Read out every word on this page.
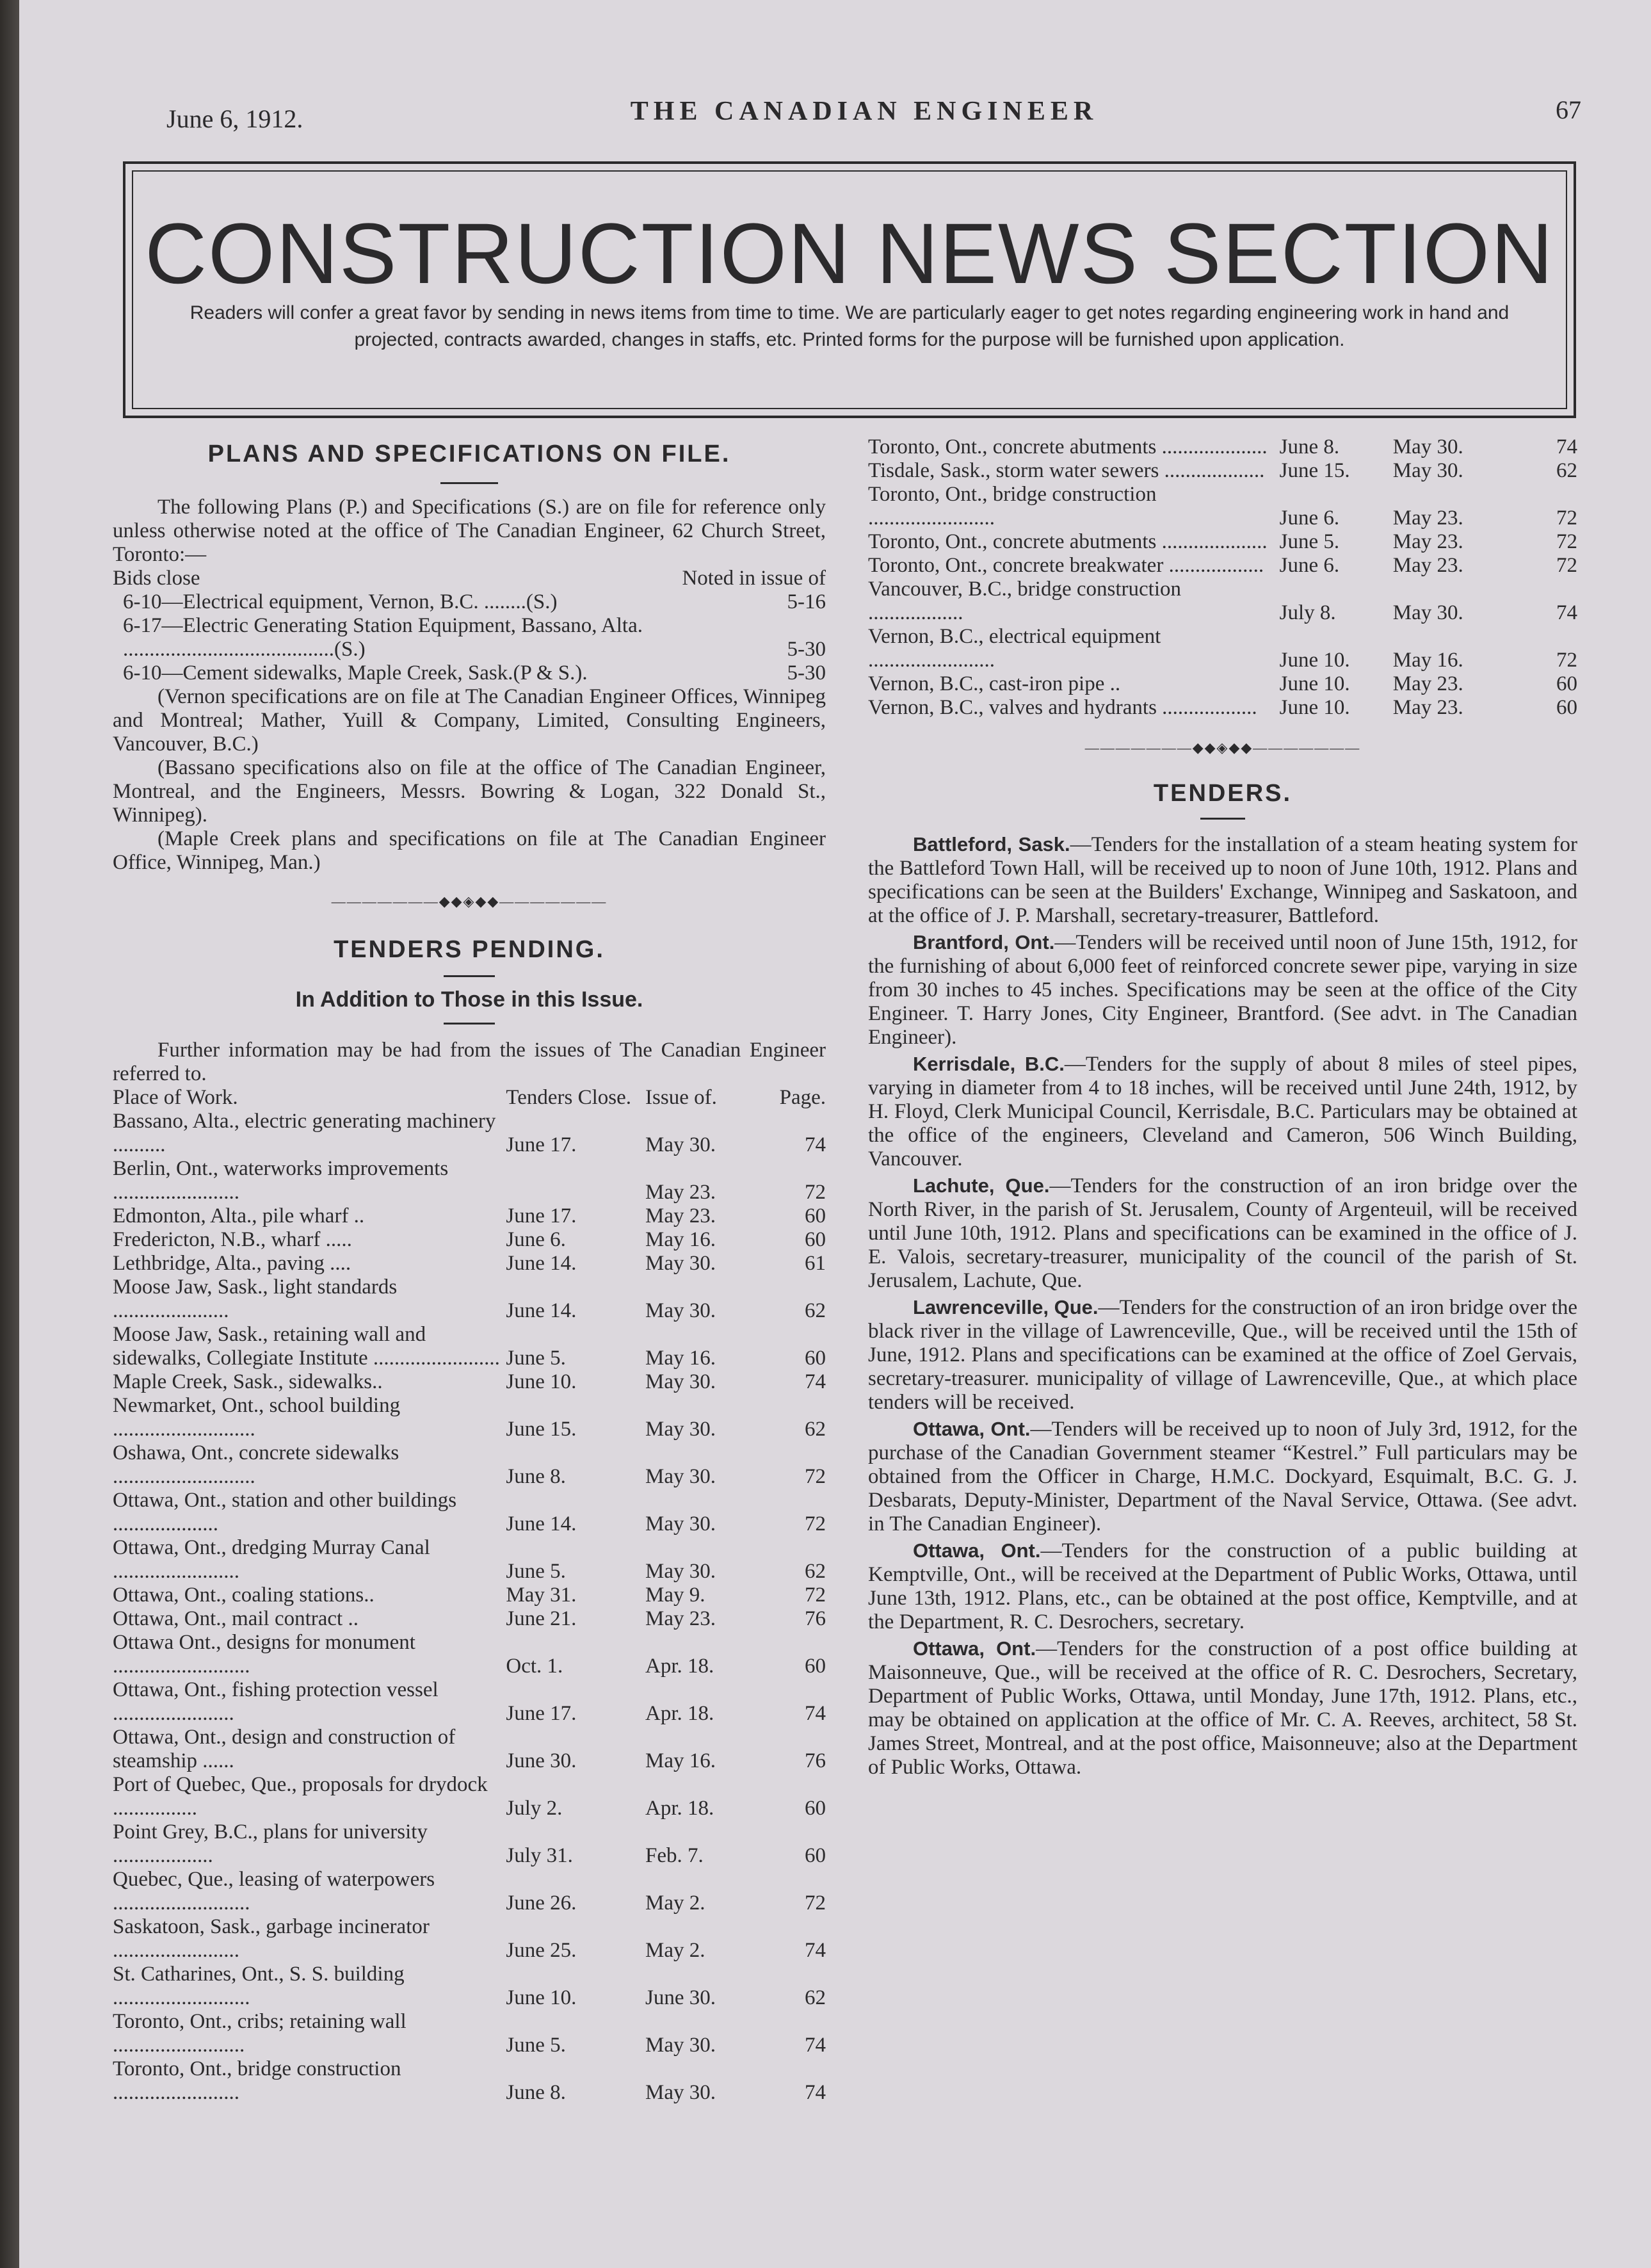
June 6, 1912.	THE CANADIAN ENGINEER	67
CONSTRUCTION NEWS SECTION
Readers will confer a great favor by sending in news items from time to time. We are particularly eager to get notes regarding engineering work in hand and projected, contracts awarded, changes in staffs, etc. Printed forms for the purpose will be furnished upon application.
PLANS AND SPECIFICATIONS ON FILE.

The following Plans (P.) and Specifications (S.) are on file for reference only unless otherwise noted at the office of The Canadian Engineer, 62 Church Street, Toronto:—

Bids close	Noted in issue of
6-10—Electrical equipment, Vernon, B.C. ........(S.)	5-16
6-17—Electric Generating Station Equipment, Bassano, Alta. ........................................(S.)	5-30
6-10—Cement sidewalks, Maple Creek, Sask.(P & S.).	5-30

(Vernon specifications are on file at The Canadian Engineer Offices, Winnipeg and Montreal; Mather, Yuill & Company, Limited, Consulting Engineers, Vancouver, B.C.)

(Bassano specifications also on file at the office of The Canadian Engineer, Montreal, and the Engineers, Messrs. Bowring & Logan, 322 Donald St., Winnipeg).

(Maple Creek plans and specifications on file at The Canadian Engineer Office, Winnipeg, Man.)

———————◆◆◈◆◆———————
TENDERS PENDING.
In Addition to Those in this Issue.

Further information may be had from the issues of The Canadian Engineer referred to.

Place of Work.	Tenders Close.	Issue of.	Page.
Bassano, Alta., electric generating machinery ..........	June 17.	May 30.	74
Berlin, Ont., waterworks improvements ........................		May 23.	72
Edmonton, Alta., pile wharf ..	June 17.	May 23.	60
Fredericton, N.B., wharf .....	June 6.	May 16.	60
Lethbridge, Alta., paving ....	June 14.	May 30.	61
Moose Jaw, Sask., light standards ......................	June 14.	May 30.	62
Moose Jaw, Sask., retaining wall and sidewalks, Collegiate Institute ........................	June 5.	May 16.	60
Maple Creek, Sask., sidewalks..	June 10.	May 30.	74
Newmarket, Ont., school building ...........................	June 15.	May 30.	62
Oshawa, Ont., concrete sidewalks ...........................	June 8.	May 30.	72
Ottawa, Ont., station and other buildings ....................	June 14.	May 30.	72
Ottawa, Ont., dredging Murray Canal ........................	June 5.	May 30.	62
Ottawa, Ont., coaling stations..	May 31.	May 9.	72
Ottawa, Ont., mail contract ..	June 21.	May 23.	76
Ottawa Ont., designs for monument ..........................	Oct. 1.	Apr. 18.	60
Ottawa, Ont., fishing protection vessel .......................	June 17.	Apr. 18.	74
Ottawa, Ont., design and construction of steamship ......	June 30.	May 16.	76
Port of Quebec, Que., proposals for drydock ................	July 2.	Apr. 18.	60
Point Grey, B.C., plans for university ...................	July 31.	Feb. 7.	60
Quebec, Que., leasing of waterpowers ..........................	June 26.	May 2.	72
Saskatoon, Sask., garbage incinerator ........................	June 25.	May 2.	74
St. Catharines, Ont., S. S. building ..........................	June 10.	June 30.	62
Toronto, Ont., cribs; retaining wall .........................	June 5.	May 30.	74
Toronto, Ont., bridge construction ........................	June 8.	May 30.	74
Toronto, Ont., concrete abutments ....................	June 8.	May 30.	74
Tisdale, Sask., storm water sewers ...................	June 15.	May 30.	62
Toronto, Ont., bridge construction ........................	June 6.	May 23.	72
Toronto, Ont., concrete abutments ....................	June 5.	May 23.	72
Toronto, Ont., concrete breakwater ..................	June 6.	May 23.	72
Vancouver, B.C., bridge construction ..................	July 8.	May 30.	74
Vernon, B.C., electrical equipment ........................	June 10.	May 16.	72
Vernon, B.C., cast-iron pipe ..	June 10.	May 23.	60
Vernon, B.C., valves and hydrants ..................	June 10.	May 23.	60
———————◆◆◈◆◆———————
TENDERS.

Battleford, Sask.—Tenders for the installation of a steam heating system for the Battleford Town Hall, will be received up to noon of June 10th, 1912. Plans and specifications can be seen at the Builders' Exchange, Winnipeg and Saskatoon, and at the office of J. P. Marshall, secretary-treasurer, Battleford.

Brantford, Ont.—Tenders will be received until noon of June 15th, 1912, for the furnishing of about 6,000 feet of reinforced concrete sewer pipe, varying in size from 30 inches to 45 inches. Specifications may be seen at the office of the City Engineer. T. Harry Jones, City Engineer, Brantford. (See advt. in The Canadian Engineer).

Kerrisdale, B.C.—Tenders for the supply of about 8 miles of steel pipes, varying in diameter from 4 to 18 inches, will be received until June 24th, 1912, by H. Floyd, Clerk Municipal Council, Kerrisdale, B.C. Particulars may be obtained at the office of the engineers, Cleveland and Cameron, 506 Winch Building, Vancouver.

Lachute, Que.—Tenders for the construction of an iron bridge over the North River, in the parish of St. Jerusalem, County of Argenteuil, will be received until June 10th, 1912. Plans and specifications can be examined in the office of J. E. Valois, secretary-treasurer, municipality of the council of the parish of St. Jerusalem, Lachute, Que.

Lawrenceville, Que.—Tenders for the construction of an iron bridge over the black river in the village of Lawrenceville, Que., will be received until the 15th of June, 1912. Plans and specifications can be examined at the office of Zoel Gervais, secretary-treasurer. municipality of village of Lawrenceville, Que., at which place tenders will be received.

Ottawa, Ont.—Tenders will be received up to noon of July 3rd, 1912, for the purchase of the Canadian Government steamer “Kestrel.” Full particulars may be obtained from the Officer in Charge, H.M.C. Dockyard, Esquimalt, B.C. G. J. Desbarats, Deputy-Minister, Department of the Naval Service, Ottawa. (See advt. in The Canadian Engineer).

Ottawa, Ont.—Tenders for the construction of a public building at Kemptville, Ont., will be received at the Department of Public Works, Ottawa, until June 13th, 1912. Plans, etc., can be obtained at the post office, Kemptville, and at the Department, R. C. Desrochers, secretary.

Ottawa, Ont.—Tenders for the construction of a post office building at Maisonneuve, Que., will be received at the office of R. C. Desrochers, Secretary, Department of Public Works, Ottawa, until Monday, June 17th, 1912. Plans, etc., may be obtained on application at the office of Mr. C. A. Reeves, architect, 58 St. James Street, Montreal, and at the post office, Maisonneuve; also at the Department of Public Works, Ottawa.
